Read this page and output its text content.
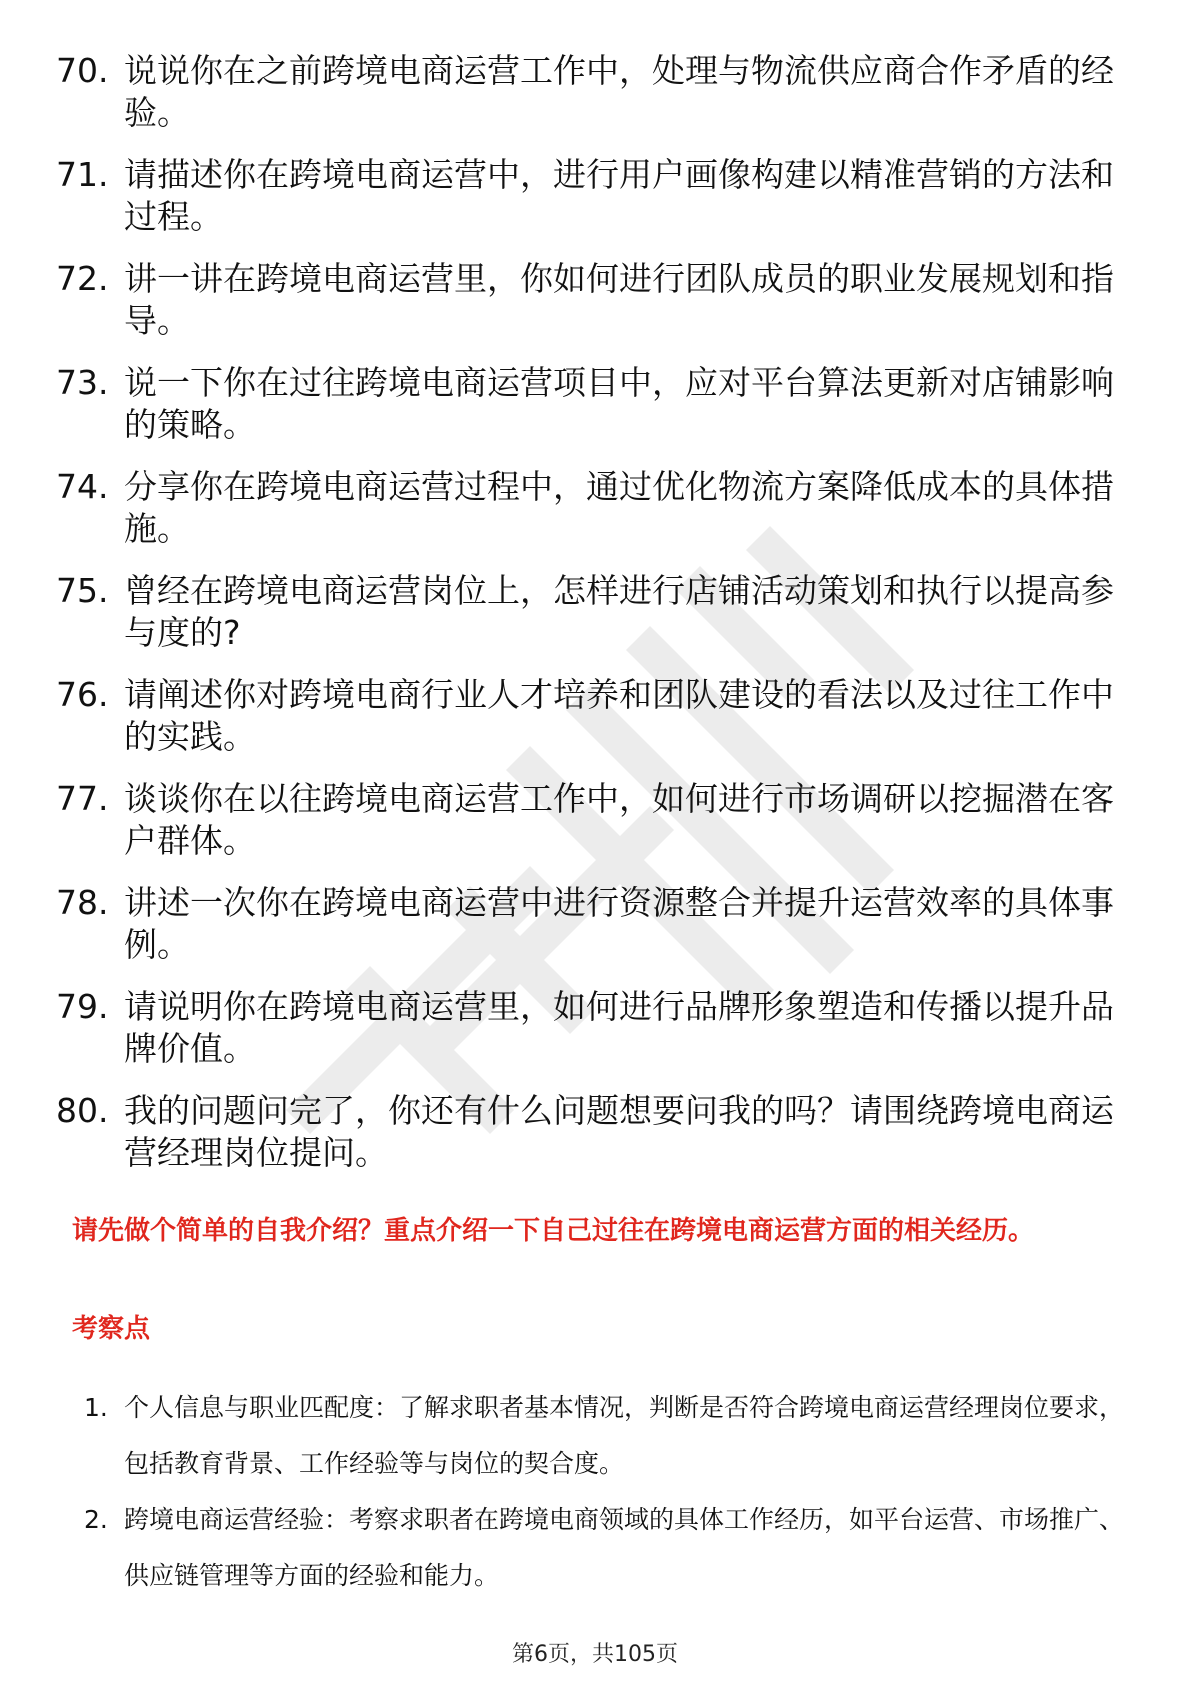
70. 说说你在之前跨境电商运营工作中，处理与物流供应商合作矛盾的经验。
71. 请描述你在跨境电商运营中，进行用户画像构建以精准营销的方法和过程。
72. 讲一讲在跨境电商运营里，你如何进行团队成员的职业发展规划和指导。
73. 说一下你在过往跨境电商运营项目中，应对平台算法更新对店铺影响的策略。
74. 分享你在跨境电商运营过程中，通过优化物流方案降低成本的具体措施。
75. 曾经在跨境电商运营岗位上，怎样进行店铺活动策划和执行以提高参与度的?
76. 请阐述你对跨境电商行业人才培养和团队建设的看法以及过往工作中的实践。
77. 谈谈你在以往跨境电商运营工作中，如何进行市场调研以挖掘潜在客户群体。
78. 讲述一次你在跨境电商运营中进行资源整合并提升运营效率的具体事例。
79. 请说明你在跨境电商运营里，如何进行品牌形象塑造和传播以提升品牌价值。
80. 我的问题问完了，你还有什么问题想要问我的吗？请围绕跨境电商运营经理岗位提问。

请先做个简单的自我介绍？重点介绍一下自己过往在跨境电商运营方面的相关经历。

考察点

1. 个人信息与职业匹配度：了解求职者基本情况，判断是否符合跨境电商运营经理岗位要求，包括教育背景、工作经验等与岗位的契合度。
2. 跨境电商运营经验：考察求职者在跨境电商领域的具体工作经历，如平台运营、市场推广、供应链管理等方面的经验和能力。
第6页，共105页
